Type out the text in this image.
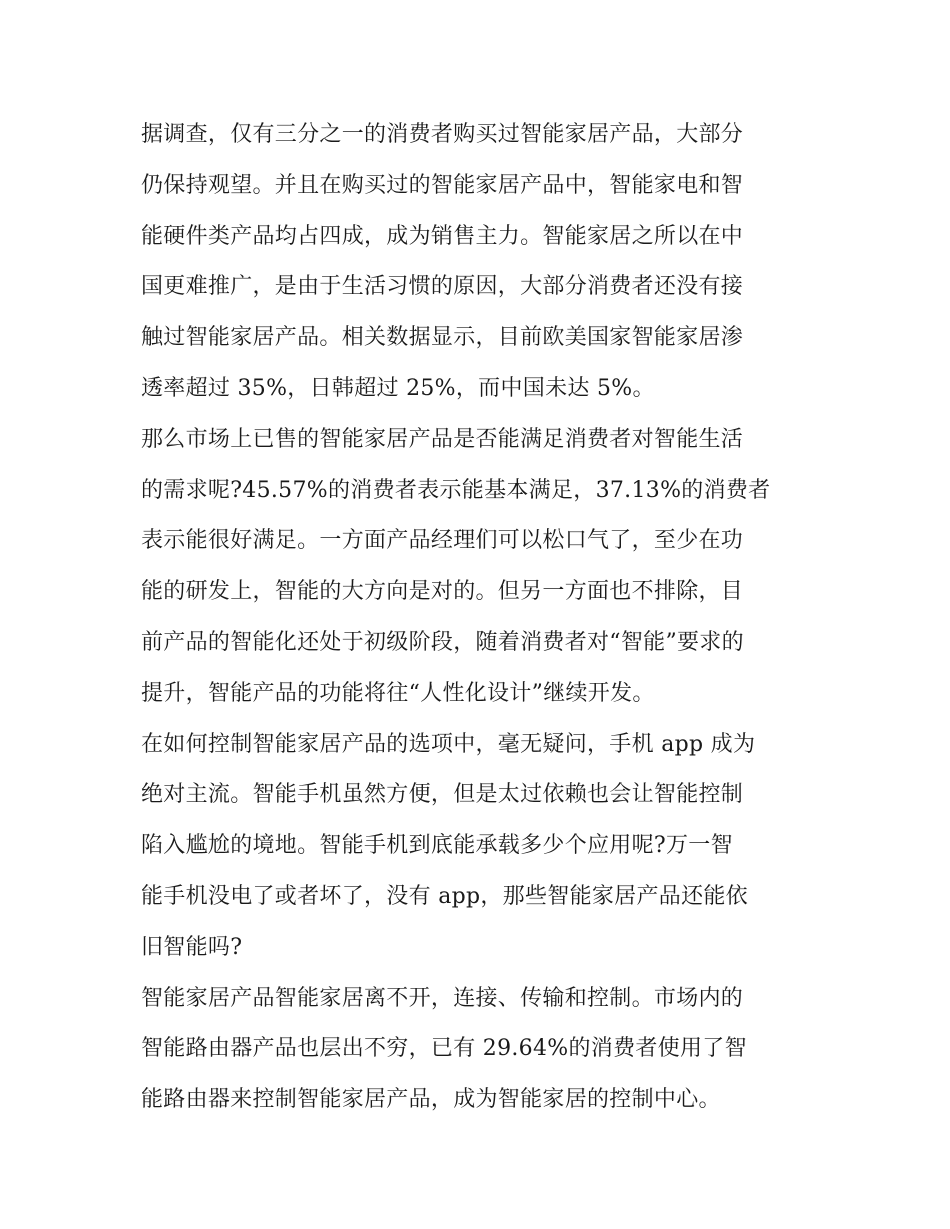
据调查，仅有三分之一的消费者购买过智能家居产品，大部分
仍保持观望。并且在购买过的智能家居产品中，智能家电和智
能硬件类产品均占四成，成为销售主力。智能家居之所以在中
国更难推广，是由于生活习惯的原因，大部分消费者还没有接
触过智能家居产品。相关数据显示，目前欧美国家智能家居渗
透率超过 35%，日韩超过 25%，而中国未达 5%。
那么市场上已售的智能家居产品是否能满足消费者对智能生活
的需求呢?45.57%的消费者表示能基本满足，37.13%的消费者
表示能很好满足。一方面产品经理们可以松口气了，至少在功
能的研发上，智能的大方向是对的。但另一方面也不排除，目
前产品的智能化还处于初级阶段，随着消费者对“智能”要求的
提升，智能产品的功能将往“人性化设计”继续开发。
在如何控制智能家居产品的选项中，毫无疑问，手机 app 成为
绝对主流。智能手机虽然方便，但是太过依赖也会让智能控制
陷入尴尬的境地。智能手机到底能承载多少个应用呢?万一智
能手机没电了或者坏了，没有 app，那些智能家居产品还能依
旧智能吗?
智能家居产品智能家居离不开，连接、传输和控制。市场内的
智能路由器产品也层出不穷，已有 29.64%的消费者使用了智
能路由器来控制智能家居产品，成为智能家居的控制中心。
